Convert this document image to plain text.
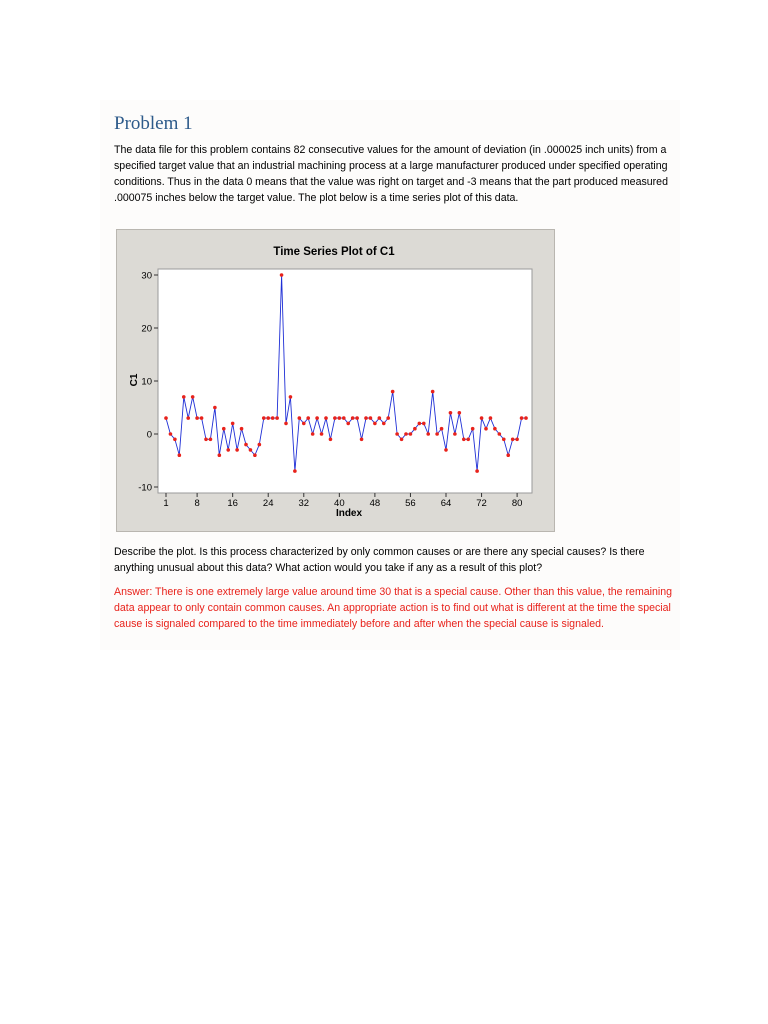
Problem 1
The data file for this problem contains 82 consecutive values for the amount of deviation (in .000025 inch units) from a specified target value that an industrial machining process at a large manufacturer produced under specified operating conditions. Thus in the data 0 means that the value was right on target and -3 means that the part produced measured .000075 inches below the target value. The plot below is a time series plot of this data.
Time Series Plot of C1
Index
C1
-10
0
10
20
30
1	8	16	24	32	40	48	56	64	72	80
Describe the plot. Is this process characterized by only common causes or are there any special causes? Is there anything unusual about this data? What action would you take if any as a result of this plot?
Answer: There is one extremely large value around time 30 that is a special cause. Other than this value, the remaining data appear to only contain common causes. An appropriate action is to find out what is different at the time the special cause is signaled compared to the time immediately before and after when the special cause is signaled.
